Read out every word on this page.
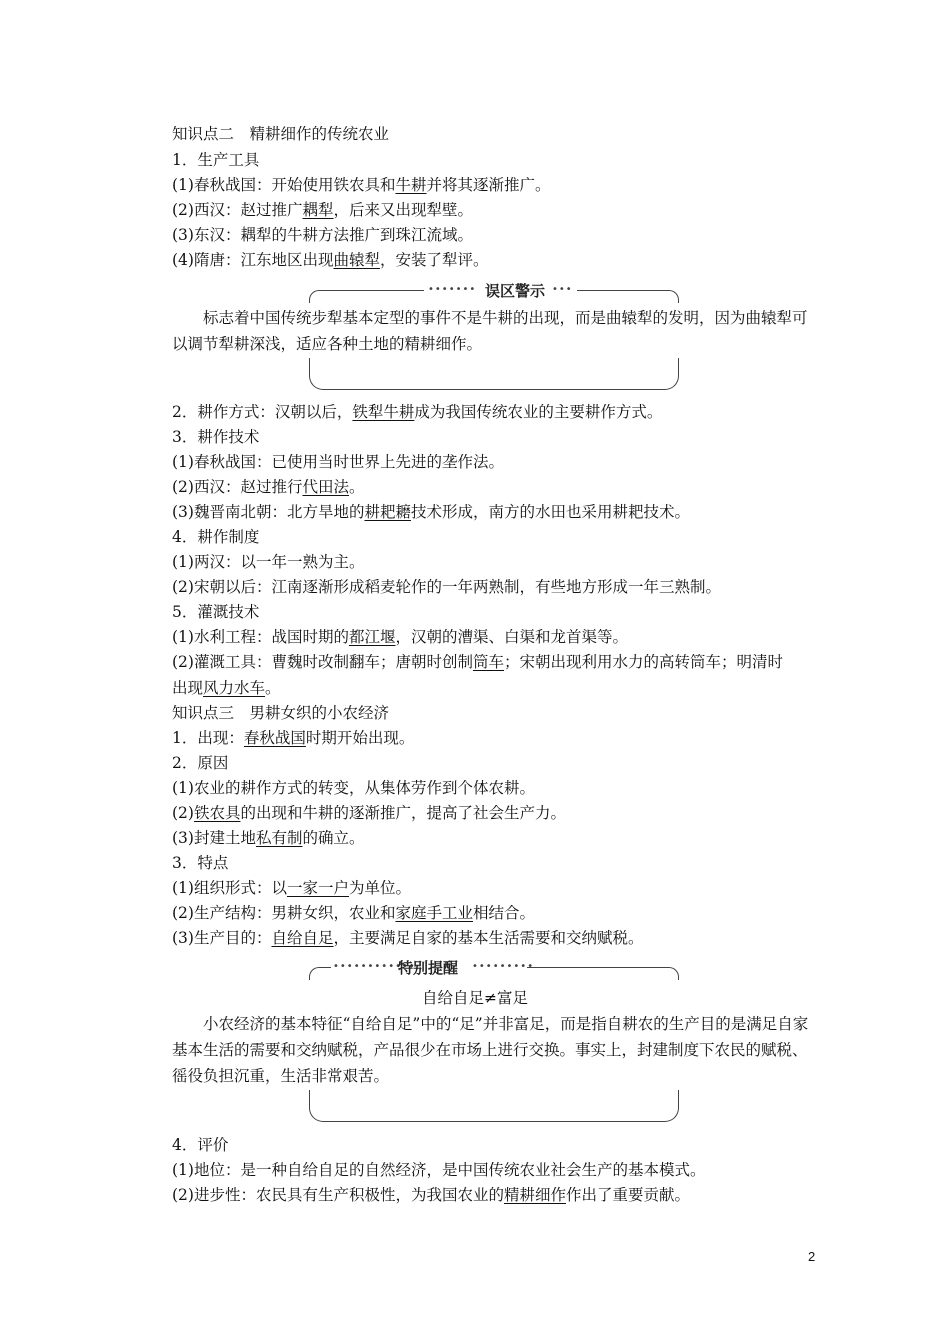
知识点二　精耕细作的传统农业
1．生产工具
(1)春秋战国：开始使用铁农具和牛耕并将其逐渐推广。
(2)西汉：赵过推广耦犁，后来又出现犁壁。
(3)东汉：耦犁的牛耕方法推广到珠江流域。
(4)隋唐：江东地区出现曲辕犁，安装了犁评。
••••••• 误区警示 •••
标志着中国传统步犁基本定型的事件不是牛耕的出现，而是曲辕犁的发明，因为曲辕犁可以调节犁耕深浅，适应各种土地的精耕细作。
2．耕作方式：汉朝以后，铁犁牛耕成为我国传统农业的主要耕作方式。
3．耕作技术
(1)春秋战国：已使用当时世界上先进的垄作法。
(2)西汉：赵过推行代田法。
(3)魏晋南北朝：北方旱地的耕耙耱技术形成，南方的水田也采用耕耙技术。
4．耕作制度
(1)两汉：以一年一熟为主。
(2)宋朝以后：江南逐渐形成稻麦轮作的一年两熟制，有些地方形成一年三熟制。
5．灌溉技术
(1)水利工程：战国时期的都江堰，汉朝的漕渠、白渠和龙首渠等。
(2)灌溉工具：曹魏时改制翻车；唐朝时创制筒车；宋朝出现利用水力的高转筒车；明清时
出现风力水车。
知识点三　男耕女织的小农经济
1．出现：春秋战国时期开始出现。
2．原因
(1)农业的耕作方式的转变，从集体劳作到个体农耕。
(2)铁农具的出现和牛耕的逐渐推广，提高了社会生产力。
(3)封建土地私有制的确立。
3．特点
(1)组织形式：以一家一户为单位。
(2)生产结构：男耕女织，农业和家庭手工业相结合。
(3)生产目的：自给自足，主要满足自家的基本生活需要和交纳赋税。
••••••••••••
特别提醒 •••••••••
自给自足≠富足
小农经济的基本特征“自给自足”中的“足”并非富足，而是指自耕农的生产目的是满足自家基本生活的需要和交纳赋税，产品很少在市场上进行交换。事实上，封建制度下农民的赋税、徭役负担沉重，生活非常艰苦。
4．评价
(1)地位：是一种自给自足的自然经济，是中国传统农业社会生产的基本模式。
(2)进步性：农民具有生产积极性，为我国农业的精耕细作作出了重要贡献。
2
